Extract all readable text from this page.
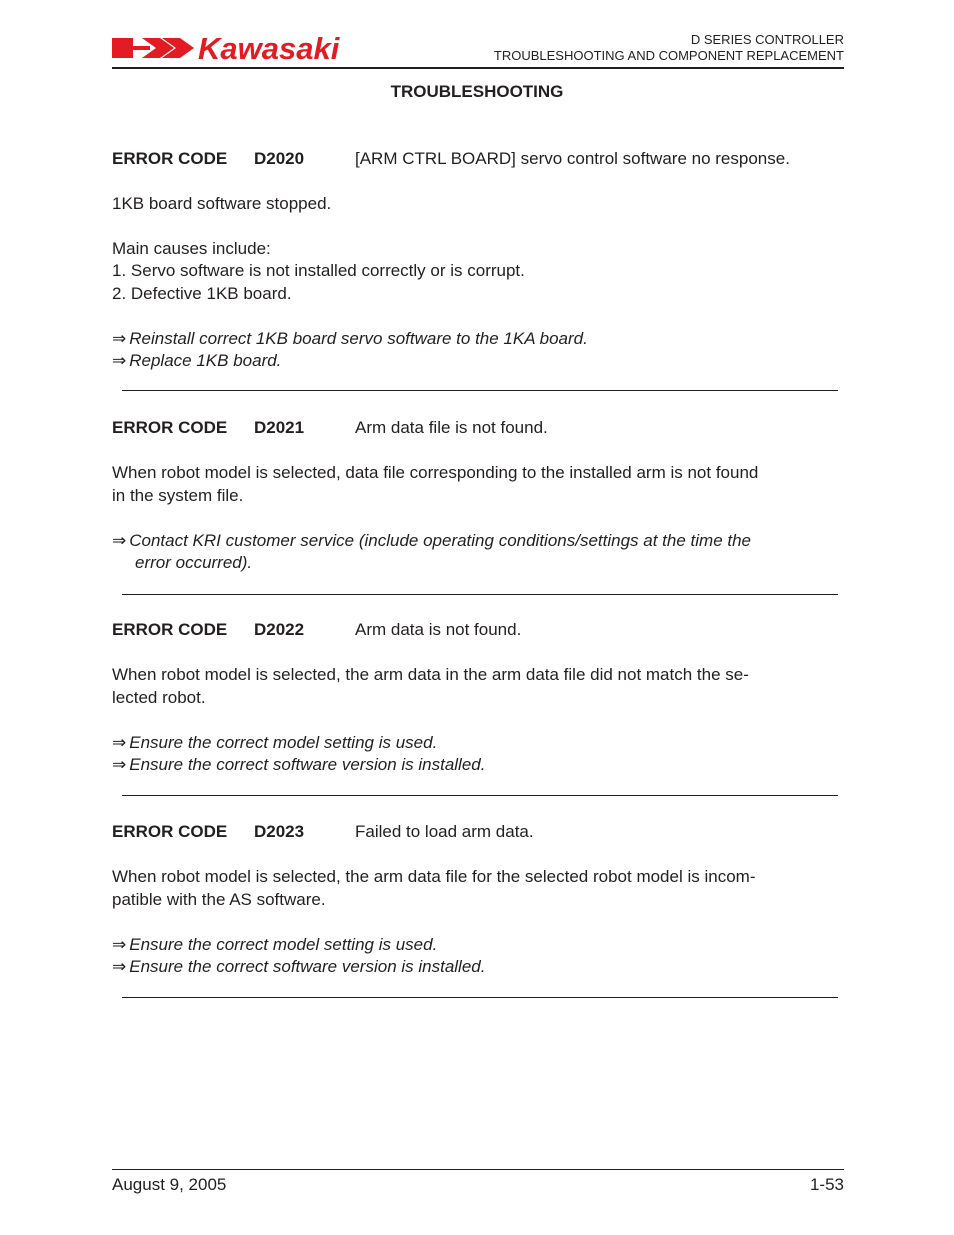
Kawasaki	D SERIES CONTROLLER
TROUBLESHOOTING AND COMPONENT REPLACEMENT
TROUBLESHOOTING
ERROR CODE D2020	[ARM CTRL BOARD] servo control software no response.
1KB board software stopped.
Main causes include:
1. Servo software is not installed correctly or is corrupt.
2. Defective 1KB board.
⇒ Reinstall correct 1KB board servo software to the 1KA board.
⇒ Replace 1KB board.
ERROR CODE D2021	Arm data file is not found.
When robot model is selected, data file corresponding to the installed arm is not found
in the system file.
⇒ Contact KRI customer service (include operating conditions/settings at the time the
error occurred).
ERROR CODE D2022	Arm data is not found.
When robot model is selected, the arm data in the arm data file did not match the se-
lected robot.
⇒ Ensure the correct model setting is used.
⇒ Ensure the correct software version is installed.
ERROR CODE D2023	Failed to load arm data.
When robot model is selected, the arm data file for the selected robot model is incom-
patible with the AS software.
⇒ Ensure the correct model setting is used.
⇒ Ensure the correct software version is installed.
August 9, 2005	1-53
